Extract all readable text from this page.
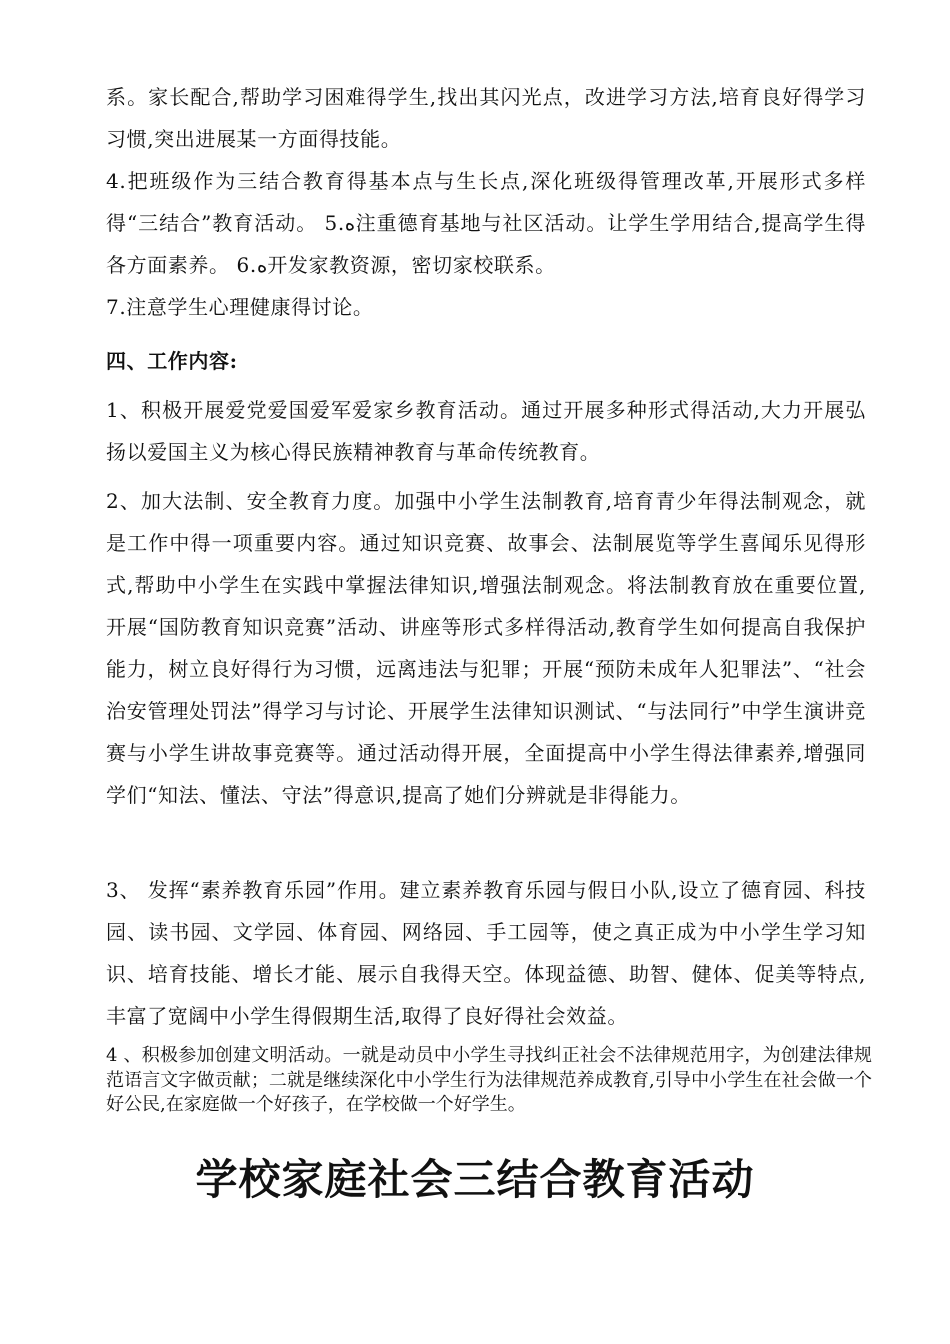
系。家长配合,帮助学习困难得学生,找出其闪光点，改进学习方法,培育良好得学习习惯,突出进展某一方面得技能。

4.把班级作为三结合教育得基本点与生长点,深化班级得管理改革,开展形式多样得“三结合”教育活动。 5.ﻩ注重德育基地与社区活动。让学生学用结合,提高学生得各方面素养。 6.ﻩ开发家教资源，密切家校联系。

7.注意学生心理健康得讨论。

四、工作内容:

1、积极开展爱党爱国爱军爱家乡教育活动。通过开展多种形式得活动,大力开展弘扬以爱国主义为核心得民族精神教育与革命传统教育。

2、加大法制、安全教育力度。加强中小学生法制教育,培育青少年得法制观念，就是工作中得一项重要内容。通过知识竞赛、故事会、法制展览等学生喜闻乐见得形式,帮助中小学生在实践中掌握法律知识,增强法制观念。将法制教育放在重要位置,开展“国防教育知识竞赛”活动、讲座等形式多样得活动,教育学生如何提高自我保护能力，树立良好得行为习惯，远离违法与犯罪；开展“预防未成年人犯罪法”、“社会治安管理处罚法”得学习与讨论、开展学生法律知识测试、“与法同行”中学生演讲竞赛与小学生讲故事竞赛等。通过活动得开展，全面提高中小学生得法律素养,增强同学们“知法、懂法、守法”得意识,提高了她们分辨就是非得能力。

3、 发挥“素养教育乐园”作用。建立素养教育乐园与假日小队,设立了德育园、科技园、读书园、文学园、体育园、网络园、手工园等，使之真正成为中小学生学习知识、培育技能、增长才能、展示自我得天空。体现益德、助智、健体、促美等特点,丰富了宽阔中小学生得假期生活,取得了良好得社会效益。

4 、积极参加创建文明活动。一就是动员中小学生寻找纠正社会不法律规范用字，为创建法律规范语言文字做贡献；二就是继续深化中小学生行为法律规范养成教育,引导中小学生在社会做一个好公民,在家庭做一个好孩子，在学校做一个好学生。

学校家庭社会三结合教育活动
